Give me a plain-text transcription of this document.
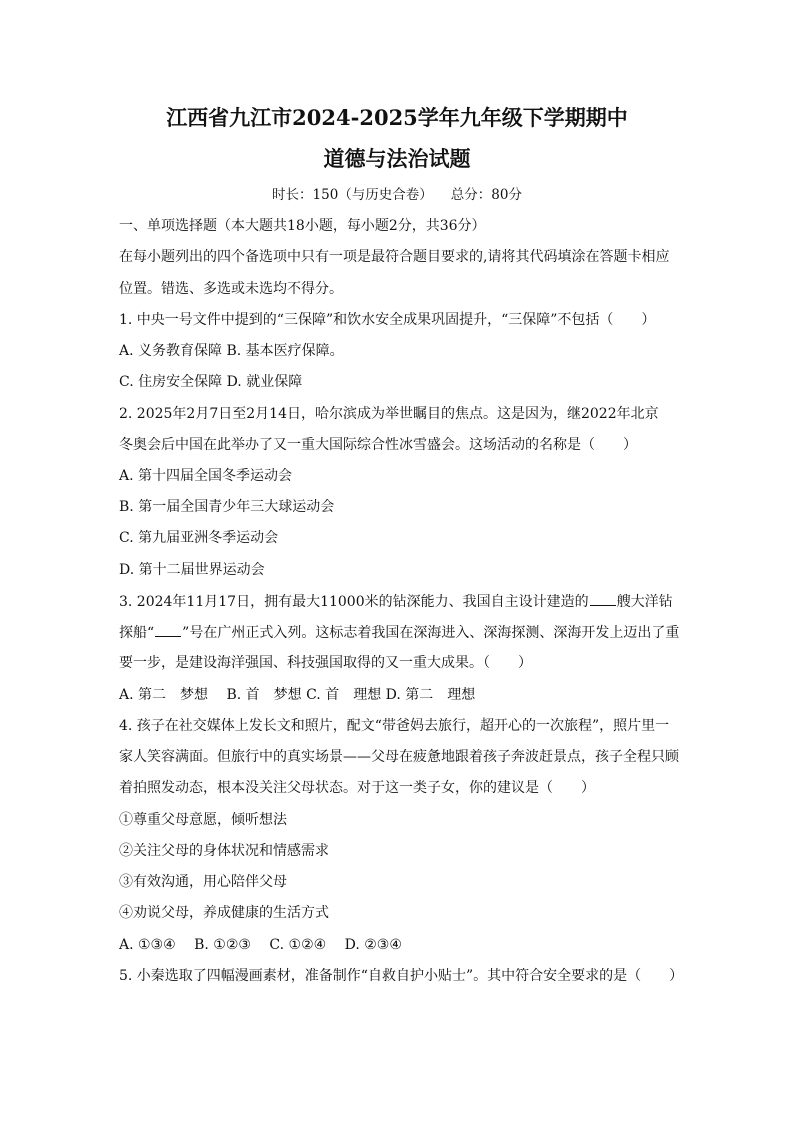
江西省九江市2024-2025学年九年级下学期期中
道德与法治试题
时长：150（与历史合卷） 总分：80分
一、单项选择题（本大题共18小题，每小题2分，共36分）
在每小题列出的四个备选项中只有一项是最符合题目要求的,请将其代码填涂在答题卡相应
位置。错选、多选或未选均不得分。
1. 中央一号文件中提到的“三保障”和饮水安全成果巩固提升，“三保障”不包括（　　）
A. 义务教育保障 B. 基本医疗保障。
C. 住房安全保障 D. 就业保障
2. 2025年2月7日至2月14日，哈尔滨成为举世瞩目的焦点。这是因为，继2022年北京
冬奥会后中国在此举办了又一重大国际综合性冰雪盛会。这场活动的名称是（　　）
A. 第十四届全国冬季运动会
B. 第一届全国青少年三大球运动会
C. 第九届亚洲冬季运动会
D. 第十二届世界运动会
3. 2024年11月17日，拥有最大11000米的钻深能力、我国自主设计建造的 艘大洋钻
探船“ ”号在广州正式入列。这标志着我国在深海进入、深海探测、深海开发上迈出了重
要一步，是建设海洋强国、科技强国取得的又一重大成果。（　　）
A. 第二　梦想　 B. 首　梦想 C. 首　理想 D. 第二　理想
4. 孩子在社交媒体上发长文和照片，配文“带爸妈去旅行，超开心的一次旅程”，照片里一
家人笑容满面。但旅行中的真实场景——父母在疲惫地跟着孩子奔波赶景点，孩子全程只顾
着拍照发动态，根本没关注父母状态。对于这一类子女，你的建议是（　　）
①尊重父母意愿，倾听想法
②关注父母的身体状况和情感需求
③有效沟通，用心陪伴父母
④劝说父母，养成健康的生活方式
A. ①③④　 B. ①②③　 C. ①②④　 D. ②③④
5. 小秦选取了四幅漫画素材，准备制作“自救自护小贴士”。其中符合安全要求的是（　　）
